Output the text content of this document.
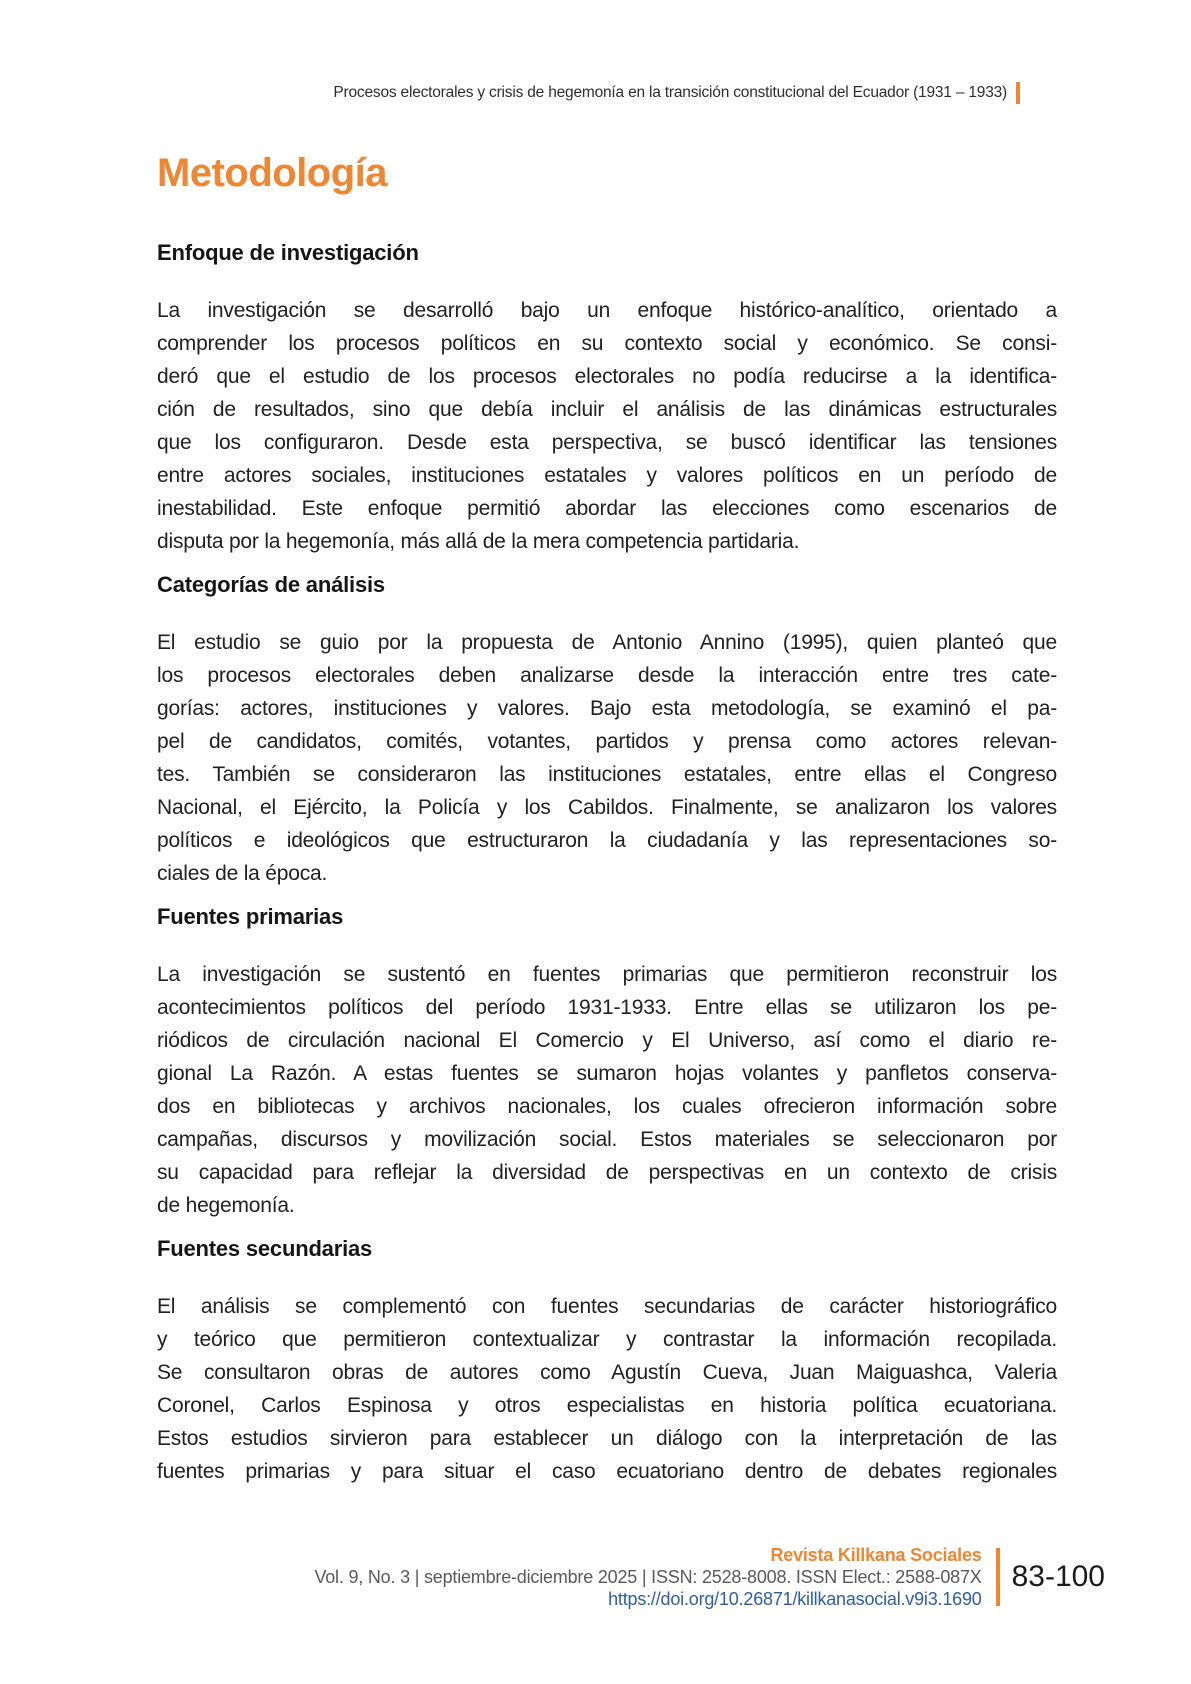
Procesos electorales y crisis de hegemonía en la transición constitucional del Ecuador (1931 – 1933)
Metodología
Enfoque de investigación
La investigación se desarrolló bajo un enfoque histórico-analítico, orientado a
comprender los procesos políticos en su contexto social y económico. Se consi-
deró que el estudio de los procesos electorales no podía reducirse a la identifica-
ción de resultados, sino que debía incluir el análisis de las dinámicas estructurales
que los configuraron. Desde esta perspectiva, se buscó identificar las tensiones
entre actores sociales, instituciones estatales y valores políticos en un período de
inestabilidad. Este enfoque permitió abordar las elecciones como escenarios de
disputa por la hegemonía, más allá de la mera competencia partidaria.
Categorías de análisis
El estudio se guio por la propuesta de Antonio Annino (1995), quien planteó que
los procesos electorales deben analizarse desde la interacción entre tres cate-
gorías: actores, instituciones y valores. Bajo esta metodología, se examinó el pa-
pel de candidatos, comités, votantes, partidos y prensa como actores relevan-
tes. También se consideraron las instituciones estatales, entre ellas el Congreso
Nacional, el Ejército, la Policía y los Cabildos. Finalmente, se analizaron los valores
políticos e ideológicos que estructuraron la ciudadanía y las representaciones so-
ciales de la época.
Fuentes primarias
La investigación se sustentó en fuentes primarias que permitieron reconstruir los
acontecimientos políticos del período 1931-1933. Entre ellas se utilizaron los pe-
riódicos de circulación nacional El Comercio y El Universo, así como el diario re-
gional La Razón. A estas fuentes se sumaron hojas volantes y panfletos conserva-
dos en bibliotecas y archivos nacionales, los cuales ofrecieron información sobre
campañas, discursos y movilización social. Estos materiales se seleccionaron por
su capacidad para reflejar la diversidad de perspectivas en un contexto de crisis
de hegemonía.
Fuentes secundarias
El análisis se complementó con fuentes secundarias de carácter historiográfico
y teórico que permitieron contextualizar y contrastar la información recopilada.
Se consultaron obras de autores como Agustín Cueva, Juan Maiguashca, Valeria
Coronel, Carlos Espinosa y otros especialistas en historia política ecuatoriana.
Estos estudios sirvieron para establecer un diálogo con la interpretación de las
fuentes primarias y para situar el caso ecuatoriano dentro de debates regionales
Revista Killkana Sociales
Vol. 9, No. 3 | septiembre-diciembre 2025 | ISSN: 2528-8008. ISSN Elect.: 2588-087X
https://doi.org/10.26871/killkanasocial.v9i3.1690
83-100
